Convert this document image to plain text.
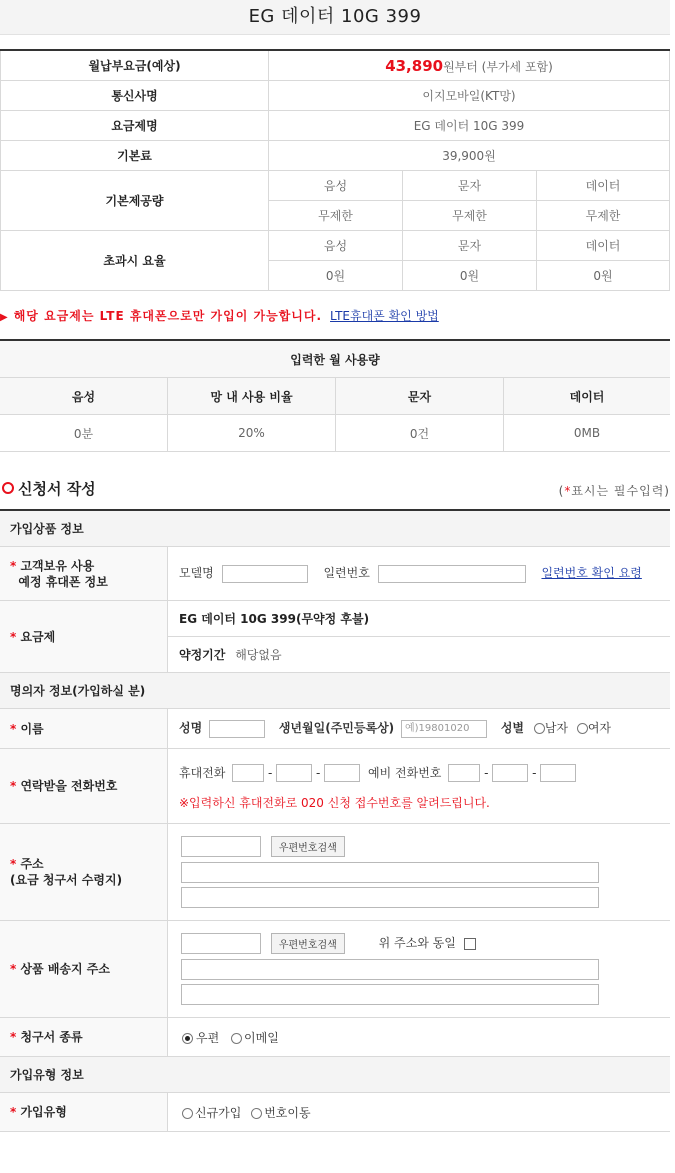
EG 데이터 10G 399
월납부요금(예상)	43,890원부터 (부가세 포함)		
통신사명	이지모바일(KT망)		
요금제명	EG 데이터 10G 399		
기본료	39,900원		
기본제공량	음성	문자	데이터
	무제한	무제한	무제한
초과시 요율	음성	문자	데이터
	0원	0원	0원
▶ 해당 요금제는 LTE 휴대폰으로만 가입이 가능합니다. LTE휴대폰 확인 방법
입력한 월 사용량			
음성	망 내 사용 비율	문자	데이터
0분	20%	0건	0MB
신청서 작성	(*표시는 필수입력)
가입상품 정보	
* 고객보유 사용
예정 휴대폰 정보	모델명 일련번호 일련번호 확인 요령
* 요금제	EG 데이터 10G 399(무약정 후불)
	약정기간 해당없음
명의자 정보(가입하실 분)	
* 이름	성명 생년월일(주민등록상) 예)19801020 성별 남자 여자
* 연락받을 전화번호	휴대전화 - - 예비 전화번호 - -
※입력하신 휴대전화로 020 신청 접수번호를 알려드립니다.

* 주소
(요금 청구서 수령지)	우편번호검색

* 상품 배송지 주소	우편번호검색 위 주소와 동일

* 청구서 종류	우편 이메일
가입유형 정보	
* 가입유형	신규가입 번호이동
